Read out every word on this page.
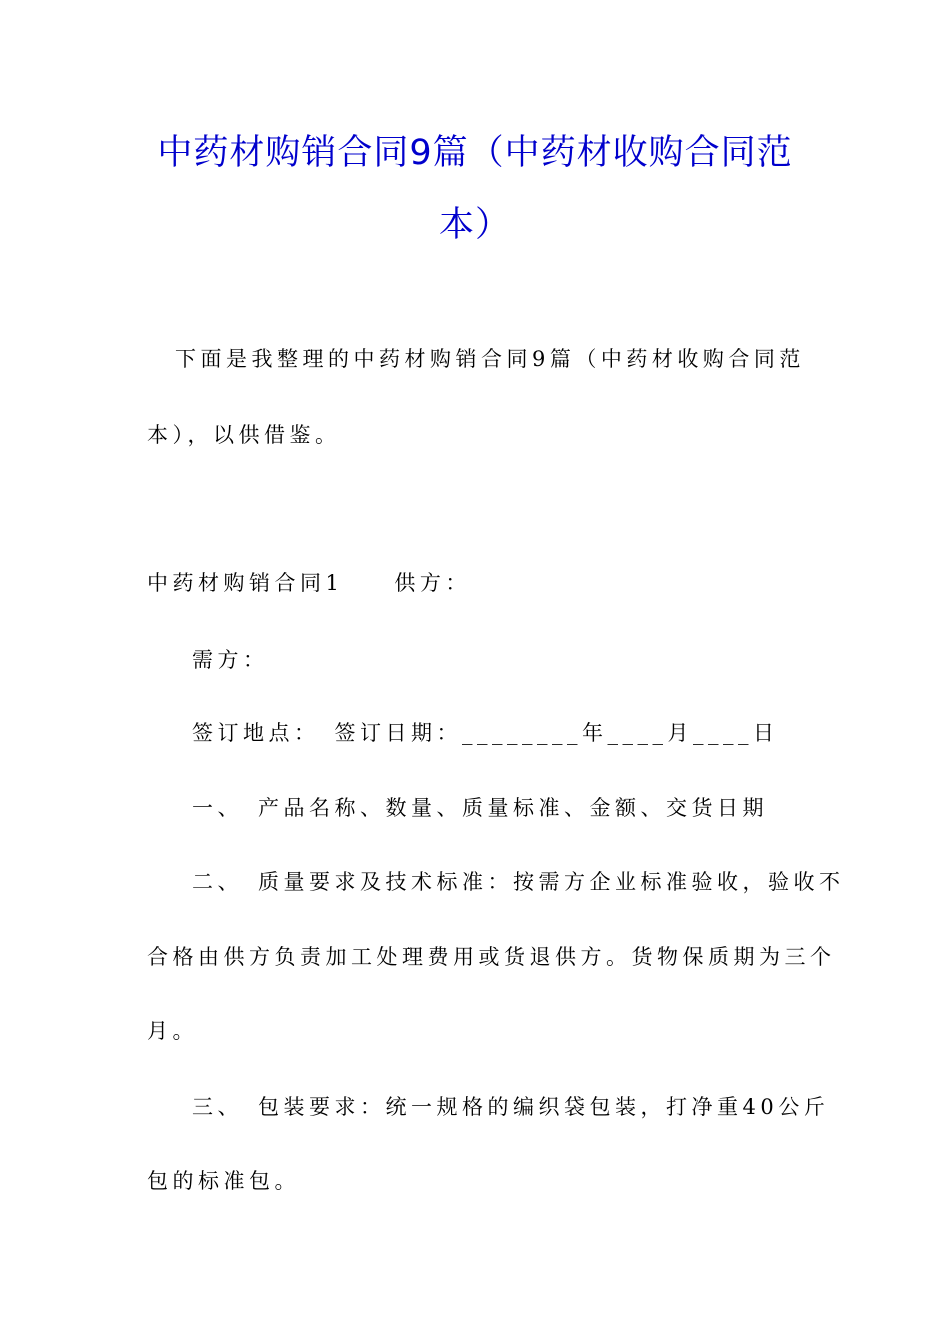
中药材购销合同9篇（中药材收购合同范
本）
下面是我整理的中药材购销合同9篇（中药材收购合同范
本），以供借鉴。
中药材购销合同1　　供方：
需方：
签订地点：　签订日期：________年____月____日
一、　产品名称、数量、质量标准、金额、交货日期
二、　质量要求及技术标准：按需方企业标准验收，验收不
合格由供方负责加工处理费用或货退供方。货物保质期为三个
月。
三、　包装要求：统一规格的编织袋包装，打净重40公斤
包的标准包。
